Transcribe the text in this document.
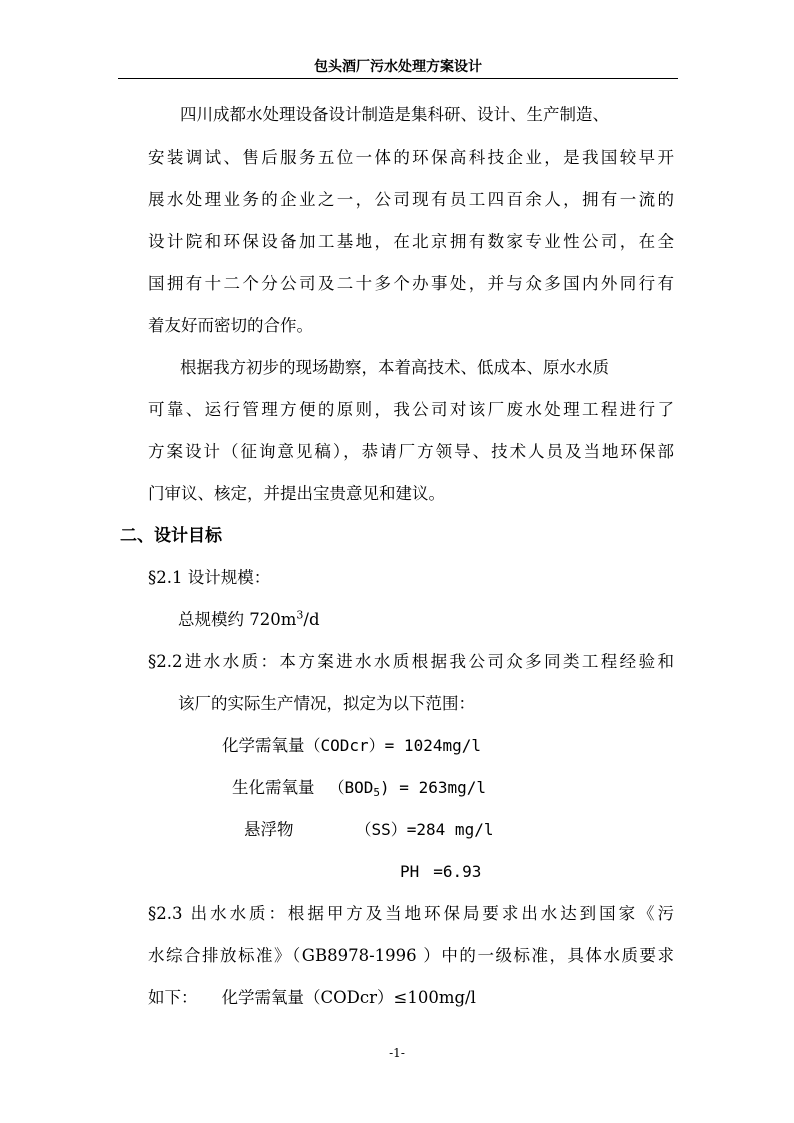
包头酒厂污水处理方案设计
四川成都水处理设备设计制造是集科研、设计、生产制造、
安装调试、售后服务五位一体的环保高科技企业，是我国较早开
展水处理业务的企业之一，公司现有员工四百余人，拥有一流的
设计院和环保设备加工基地，在北京拥有数家专业性公司，在全
国拥有十二个分公司及二十多个办事处，并与众多国内外同行有
着友好而密切的合作。
根据我方初步的现场勘察，本着高技术、低成本、原水水质
可靠、运行管理方便的原则，我公司对该厂废水处理工程进行了
方案设计（征询意见稿），恭请厂方领导、技术人员及当地环保部
门审议、核定，并提出宝贵意见和建议。
二、设计目标
§2.1 设计规模：
总规模约 $720m^3/d$
§2.2进水水质：本方案进水水质根据我公司众多同类工程经验和
该厂的实际生产情况，拟定为以下范围：
化学需氧量（CODcr）= 1024mg/l
生化需氧量 $(BOD_5) = 263mg/l$
悬浮物	（SS）=284 mg/l
PH =6.93
§2.3 出水水质：根据甲方及当地环保局要求出水达到国家《污
水综合排放标准》（GB8978-1996 ）中的一级标准，具体水质要求
如下： 化学需氧量（CODcr）≤100mg/l
-1-
